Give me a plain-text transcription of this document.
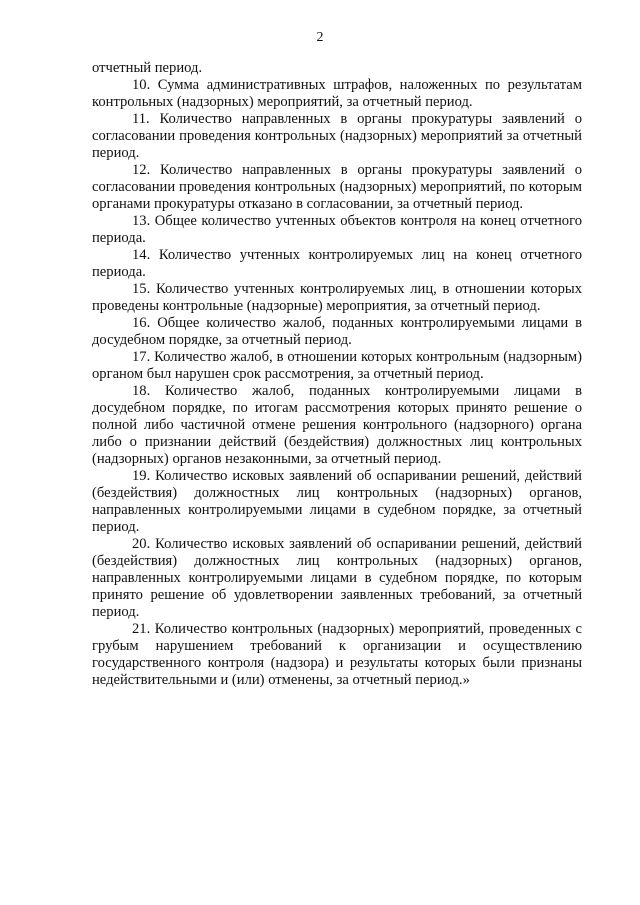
2

отчетный период.

10. Сумма административных штрафов, наложенных по результатам контрольных (надзорных) мероприятий, за отчетный период.

11. Количество направленных в органы прокуратуры заявлений о согласовании проведения контрольных (надзорных) мероприятий за отчетный период.

12. Количество направленных в органы прокуратуры заявлений о согласовании проведения контрольных (надзорных) мероприятий, по которым органами прокуратуры отказано в согласовании, за отчетный период.

13. Общее количество учтенных объектов контроля на конец отчетного периода.

14. Количество учтенных контролируемых лиц на конец отчетного периода.

15. Количество учтенных контролируемых лиц, в отношении которых проведены контрольные (надзорные) мероприятия, за отчетный период.

16. Общее количество жалоб, поданных контролируемыми лицами в досудебном порядке, за отчетный период.

17. Количество жалоб, в отношении которых контрольным (надзорным) органом был нарушен срок рассмотрения, за отчетный период.

18. Количество жалоб, поданных контролируемыми лицами в досудебном порядке, по итогам рассмотрения которых принято решение о полной либо частичной отмене решения контрольного (надзорного) органа либо о признании действий (бездействия) должностных лиц контрольных (надзорных) органов незаконными, за отчетный период.

19. Количество исковых заявлений об оспаривании решений, действий (бездействия) должностных лиц контрольных (надзорных) органов, направленных контролируемыми лицами в судебном порядке, за отчетный период.

20. Количество исковых заявлений об оспаривании решений, действий (бездействия) должностных лиц контрольных (надзорных) органов, направленных контролируемыми лицами в судебном порядке, по которым принято решение об удовлетворении заявленных требований, за отчетный период.

21. Количество контрольных (надзорных) мероприятий, проведенных с грубым нарушением требований к организации и осуществлению государственного контроля (надзора) и результаты которых были признаны недействительными и (или) отменены, за отчетный период.»
